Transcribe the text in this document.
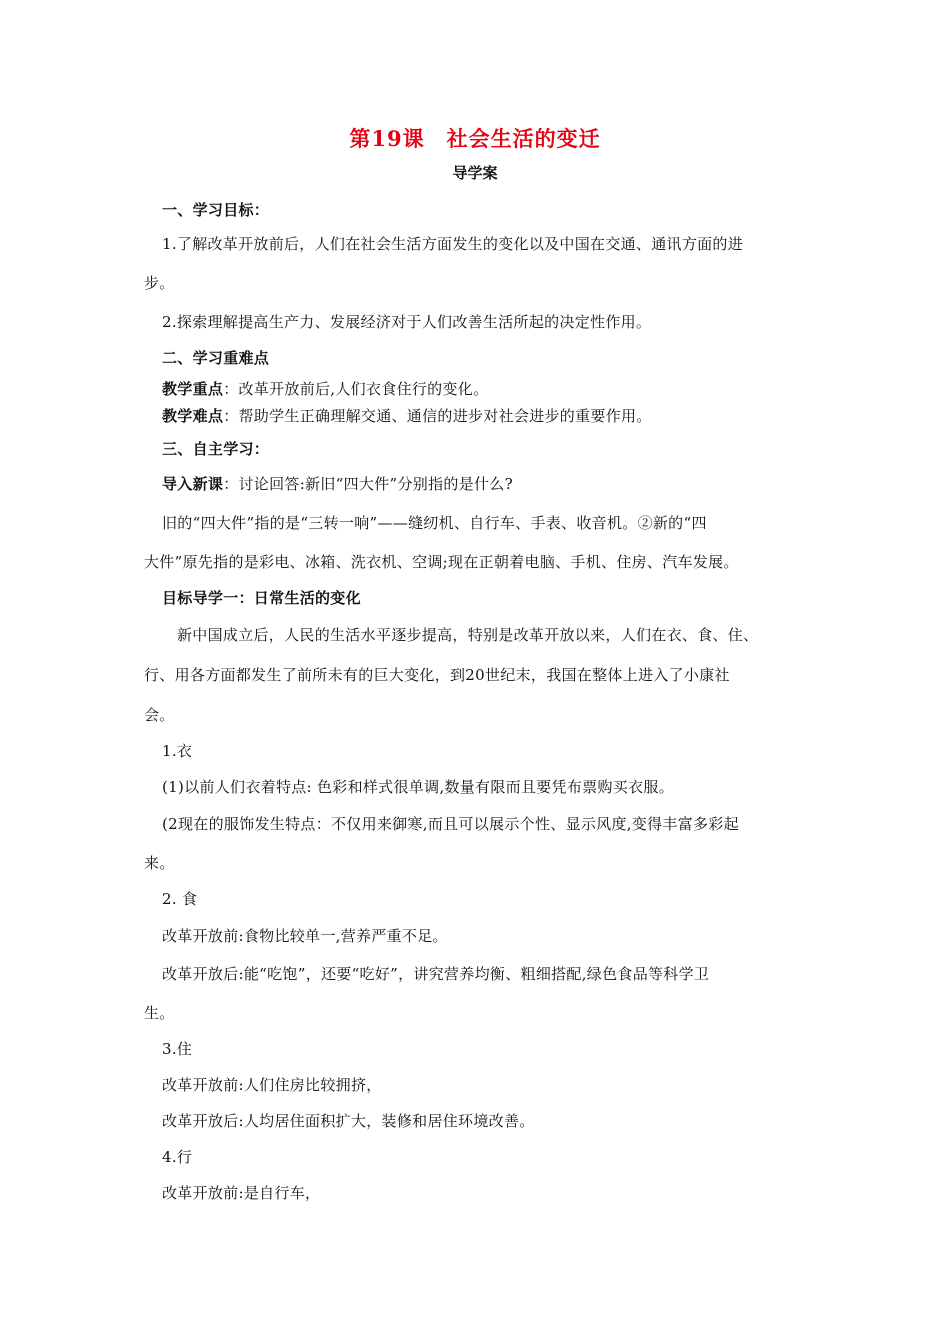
第19课　社会生活的变迁
导学案
一、学习目标：
1.了解改革开放前后，人们在社会生活方面发生的变化以及中国在交通、通讯方面的进
步。
2.探索理解提高生产力、发展经济对于人们改善生活所起的决定性作用。
二、学习重难点
教学重点：改革开放前后,人们衣食住行的变化。
教学难点：帮助学生正确理解交通、通信的进步对社会进步的重要作用。
三、自主学习：
导入新课：讨论回答:新旧“四大件”分别指的是什么?
旧的“四大件”指的是“三转一响”——缝纫机、自行车、手表、收音机。②新的“四
大件”原先指的是彩电、冰箱、洗衣机、空调;现在正朝着电脑、手机、住房、汽车发展。
目标导学一：日常生活的变化
新中国成立后，人民的生活水平逐步提高，特别是改革开放以来，人们在衣、食、住、
行、用各方面都发生了前所未有的巨大变化，到20世纪末，我国在整体上进入了小康社
会。
1.衣
(1)以前人们衣着特点: 色彩和样式很单调,数量有限而且要凭布票购买衣服。
(2现在的服饰发生特点：不仅用来御寒,而且可以展示个性、显示风度,变得丰富多彩起
来。
2. 食
改革开放前:食物比较单一,营养严重不足。
改革开放后:能“吃饱”，还要“吃好”，讲究营养均衡、粗细搭配,绿色食品等科学卫
生。
3.住
改革开放前:人们住房比较拥挤，
改革开放后:人均居住面积扩大，装修和居住环境改善。
4.行
改革开放前:是自行车，
